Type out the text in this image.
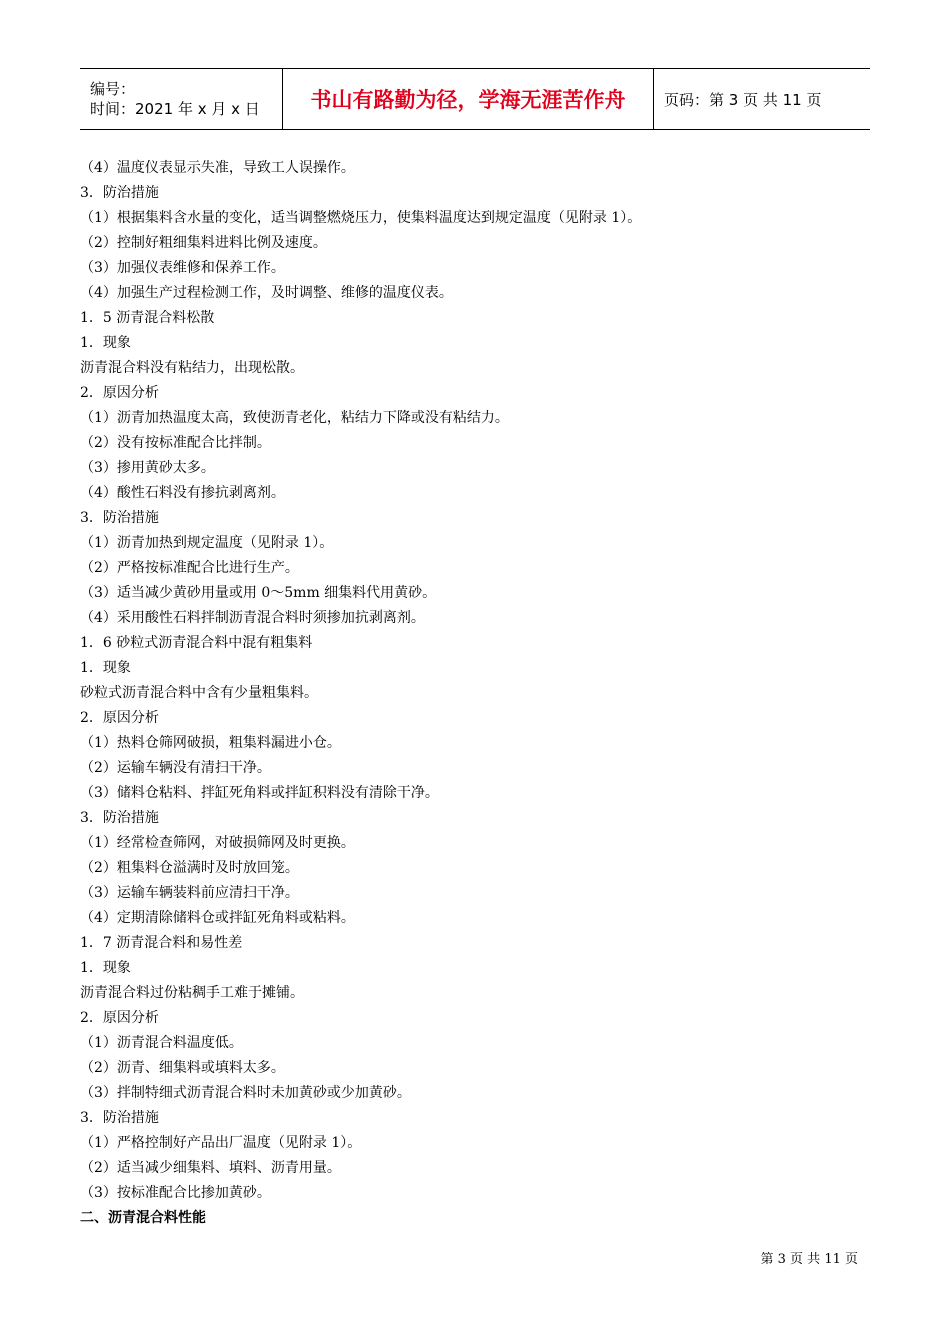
编号：
时间：2021 年 x 月 x 日	书山有路勤为径，学海无涯苦作舟	页码：第 3 页 共 11 页
（4）温度仪表显示失准，导致工人误操作。
3．防治措施
（1）根据集料含水量的变化，适当调整燃烧压力，使集料温度达到规定温度（见附录 1）。
（2）控制好粗细集料进料比例及速度。
（3）加强仪表维修和保养工作。
（4）加强生产过程检测工作，及时调整、维修的温度仪表。
1．5 沥青混合料松散
1．现象
沥青混合料没有粘结力，出现松散。
2．原因分析
（1）沥青加热温度太高，致使沥青老化，粘结力下降或没有粘结力。
（2）没有按标准配合比拌制。
（3）掺用黄砂太多。
（4）酸性石料没有掺抗剥离剂。
3．防治措施
（1）沥青加热到规定温度（见附录 1）。
（2）严格按标准配合比进行生产。
（3）适当减少黄砂用量或用 0～5mm 细集料代用黄砂。
（4）采用酸性石料拌制沥青混合料时须掺加抗剥离剂。
1．6 砂粒式沥青混合料中混有粗集料
1．现象
砂粒式沥青混合料中含有少量粗集料。
2．原因分析
（1）热料仓筛网破损，粗集料漏进小仓。
（2）运输车辆没有清扫干净。
（3）储料仓粘料、拌缸死角料或拌缸积料没有清除干净。
3．防治措施
（1）经常检查筛网，对破损筛网及时更换。
（2）粗集料仓溢满时及时放回笼。
（3）运输车辆装料前应清扫干净。
（4）定期清除储料仓或拌缸死角料或粘料。
1．7 沥青混合料和易性差
1．现象
沥青混合料过份粘稠手工难于摊铺。
2．原因分析
（1）沥青混合料温度低。
（2）沥青、细集料或填料太多。
（3）拌制特细式沥青混合料时未加黄砂或少加黄砂。
3．防治措施
（1）严格控制好产品出厂温度（见附录 1）。
（2）适当减少细集料、填料、沥青用量。
（3）按标准配合比掺加黄砂。
二、沥青混合料性能
第 3 页 共 11 页
